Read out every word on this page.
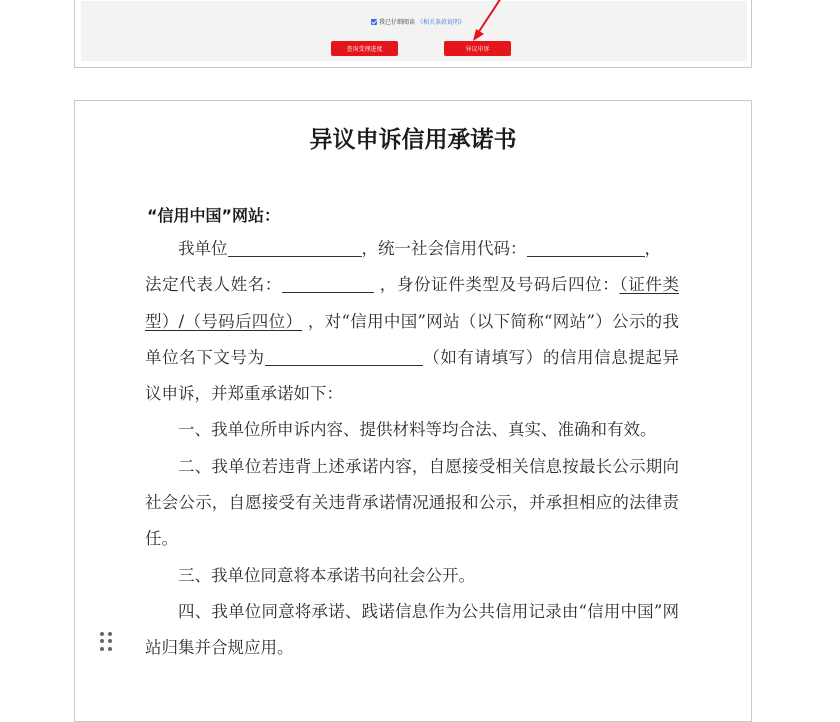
我已仔细阅读 《相关条款说明》
查询受理进度	异议申诉
异议申诉信用承诺书
“信用中国”网站：
我单位	，统一社会信用代码：	，
法定代表人姓名：	，身份证件类型及号码后四位：（证件类型）/（号码后四位） ，对“信用中国”网站（以下简称“网站”）公示的我单位名下文号为	（如有请填写）的信用信息提起异议申诉，并郑重承诺如下：
一、我单位所申诉内容、提供材料等均合法、真实、准确和有效。
二、我单位若违背上述承诺内容，自愿接受相关信息按最长公示期向社会公示，自愿接受有关违背承诺情况通报和公示，并承担相应的法律责任。
三、我单位同意将本承诺书向社会公开。
四、我单位同意将承诺、践诺信息作为公共信用记录由“信用中国”网站归集并合规应用。
